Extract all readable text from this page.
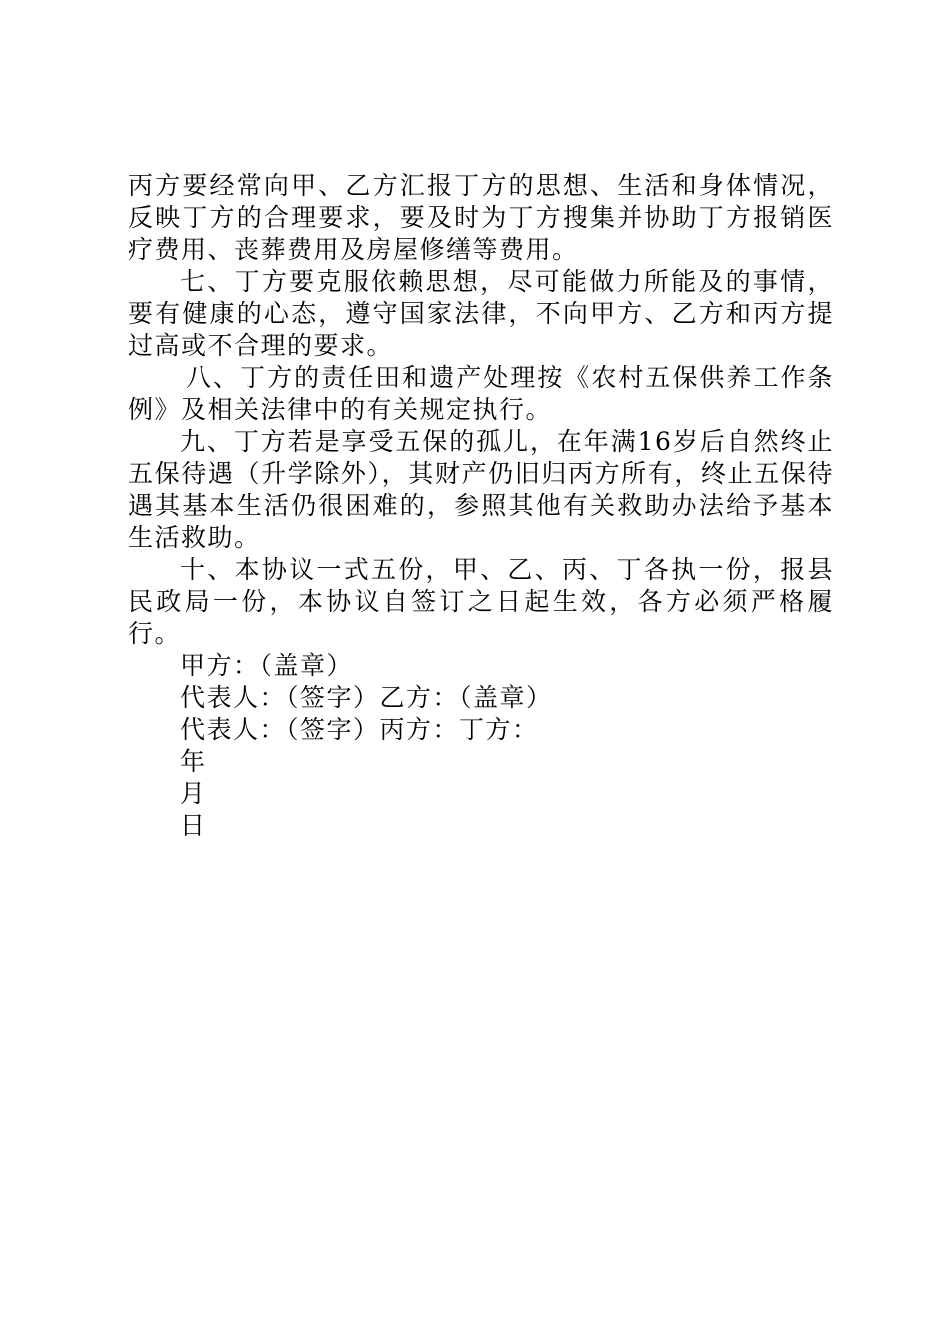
丙方要经常向甲、乙方汇报丁方的思想、生活和身体情况，反映丁方的合理要求，要及时为丁方搜集并协助丁方报销医疗费用、丧葬费用及房屋修缮等费用。

七、丁方要克服依赖思想，尽可能做力所能及的事情，要有健康的心态，遵守国家法律，不向甲方、乙方和丙方提过高或不合理的要求。

八、丁方的责任田和遗产处理按《农村五保供养工作条例》及相关法律中的有关规定执行。

九、丁方若是享受五保的孤儿，在年满16岁后自然终止五保待遇（升学除外），其财产仍旧归丙方所有，终止五保待遇其基本生活仍很困难的，参照其他有关救助办法给予基本生活救助。

十、本协议一式五份，甲、乙、丙、丁各执一份，报县民政局一份，本协议自签订之日起生效，各方必须严格履行。

甲方：（盖章）

代表人：（签字）乙方：（盖章）

代表人：（签字）丙方：丁方：

年

月

日
